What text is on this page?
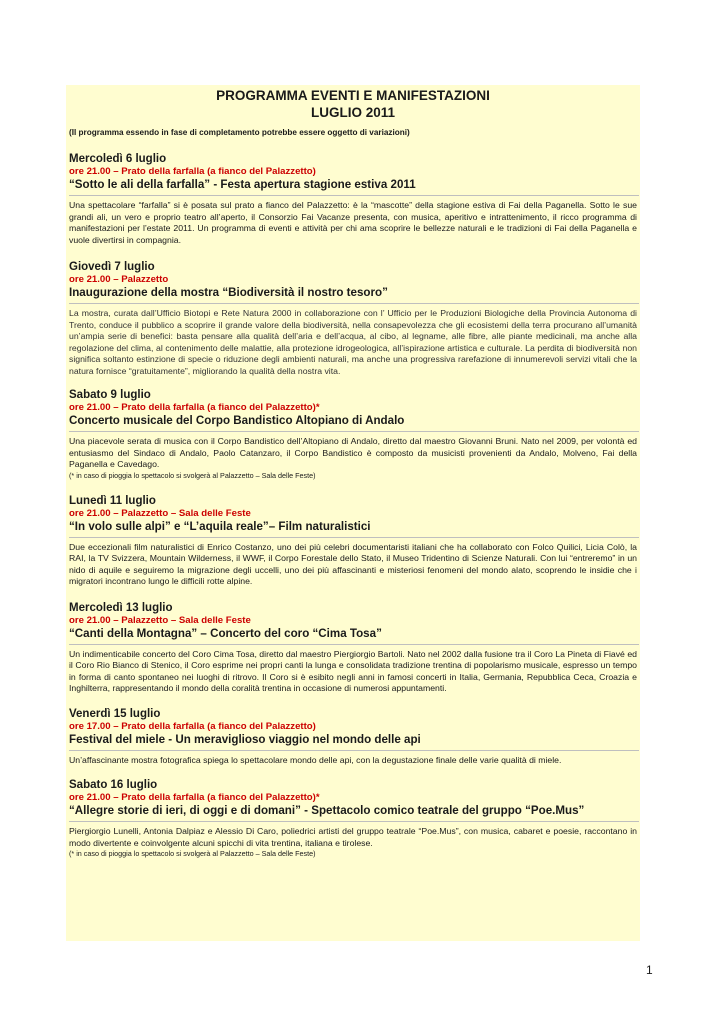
PROGRAMMA EVENTI E MANIFESTAZIONI
LUGLIO 2011
(Il programma essendo in fase di completamento potrebbe essere oggetto di variazioni)
Mercoledì 6 luglio
ore 21.00 – Prato della farfalla (a fianco del Palazzetto)
“Sotto le ali della farfalla” - Festa apertura stagione estiva 2011
Una spettacolare “farfalla” si è posata sul prato a fianco del Palazzetto: è la “mascotte” della stagione estiva di Fai della Paganella. Sotto le sue grandi ali, un vero e proprio teatro all’aperto, il Consorzio Fai Vacanze presenta, con musica, aperitivo e intrattenimento, il ricco programma di manifestazioni per l’estate 2011. Un programma di eventi e attività per chi ama scoprire le bellezze naturali e le tradizioni di Fai della Paganella e vuole divertirsi in compagnia.
Giovedì 7 luglio
ore 21.00 – Palazzetto
Inaugurazione della mostra “Biodiversità il nostro tesoro”
La mostra, curata dall’Ufficio Biotopi e Rete Natura 2000 in collaborazione con l’ Ufficio per le Produzioni Biologiche della Provincia Autonoma di Trento, conduce il pubblico a scoprire il grande valore della biodiversità, nella consapevolezza che gli ecosistemi della terra procurano all’umanità un’ampia serie di benefici: basta pensare alla qualità dell’aria e dell’acqua, al cibo, al legname, alle fibre, alle piante medicinali, ma anche alla regolazione del clima, al contenimento delle malattie, alla protezione idrogeologica, all’ispirazione artistica e culturale. La perdita di biodiversità non significa soltanto estinzione di specie o riduzione degli ambienti naturali, ma anche una progressiva rarefazione di innumerevoli servizi vitali che la natura fornisce “gratuitamente”, migliorando la qualità della nostra vita.
Sabato 9 luglio
ore 21.00 – Prato della farfalla (a fianco del Palazzetto)*
Concerto musicale del Corpo Bandistico Altopiano di Andalo
Una piacevole serata di musica con il Corpo Bandistico dell’Altopiano di Andalo, diretto dal maestro Giovanni Bruni. Nato nel 2009, per volontà ed entusiasmo del Sindaco di Andalo, Paolo Catanzaro, il Corpo Bandistico è composto da musicisti provenienti da Andalo, Molveno, Fai della Paganella e Cavedago.
(* in caso di pioggia lo spettacolo si svolgerà al Palazzetto – Sala delle Feste)
Lunedì 11 luglio
ore 21.00 – Palazzetto – Sala delle Feste
“In volo sulle alpi” e “L’aquila reale”– Film naturalistici
Due eccezionali film naturalistici di Enrico Costanzo, uno dei più celebri documentaristi italiani che ha collaborato con Folco Quilici, Licia Colò, la RAI, la TV Svizzera, Mountain Wilderness, il WWF, il Corpo Forestale dello Stato, il Museo Tridentino di Scienze Naturali. Con lui “entreremo” in un nido di aquile e seguiremo la migrazione degli uccelli, uno dei più affascinanti e misteriosi fenomeni del mondo alato, scoprendo le insidie che i migratori incontrano lungo le difficili rotte alpine.
Mercoledì 13 luglio
ore 21.00 – Palazzetto – Sala delle Feste
“Canti della Montagna” – Concerto del coro “Cima Tosa”
Un indimenticabile concerto del Coro Cima Tosa, diretto dal maestro Piergiorgio Bartoli. Nato nel 2002 dalla fusione tra il Coro La Pineta di Fiavé ed il Coro Rio Bianco di Stenico, il Coro esprime nei propri canti la lunga e consolidata tradizione trentina di popolarismo musicale, espresso un tempo in forma di canto spontaneo nei luoghi di ritrovo. Il Coro si è esibito negli anni in famosi concerti in Italia, Germania, Repubblica Ceca, Croazia e Inghilterra, rappresentando il mondo della coralità trentina in occasione di numerosi appuntamenti.
Venerdì 15 luglio
ore 17.00 – Prato della farfalla (a fianco del Palazzetto)
Festival del miele - Un meraviglioso viaggio nel mondo delle api
Un’affascinante mostra fotografica spiega lo spettacolare mondo delle api, con la degustazione finale delle varie qualità di miele.
Sabato 16 luglio
ore 21.00 – Prato della farfalla (a fianco del Palazzetto)*
“Allegre storie di ieri, di oggi e di domani” - Spettacolo comico teatrale del gruppo “Poe.Mus”
Piergiorgio Lunelli, Antonia Dalpiaz e Alessio Di Caro, poliedrici artisti del gruppo teatrale “Poe.Mus”, con musica, cabaret e poesie, raccontano in modo divertente e coinvolgente alcuni spicchi di vita trentina, italiana e tirolese.
(* in caso di pioggia lo spettacolo si svolgerà al Palazzetto – Sala delle Feste)
1
